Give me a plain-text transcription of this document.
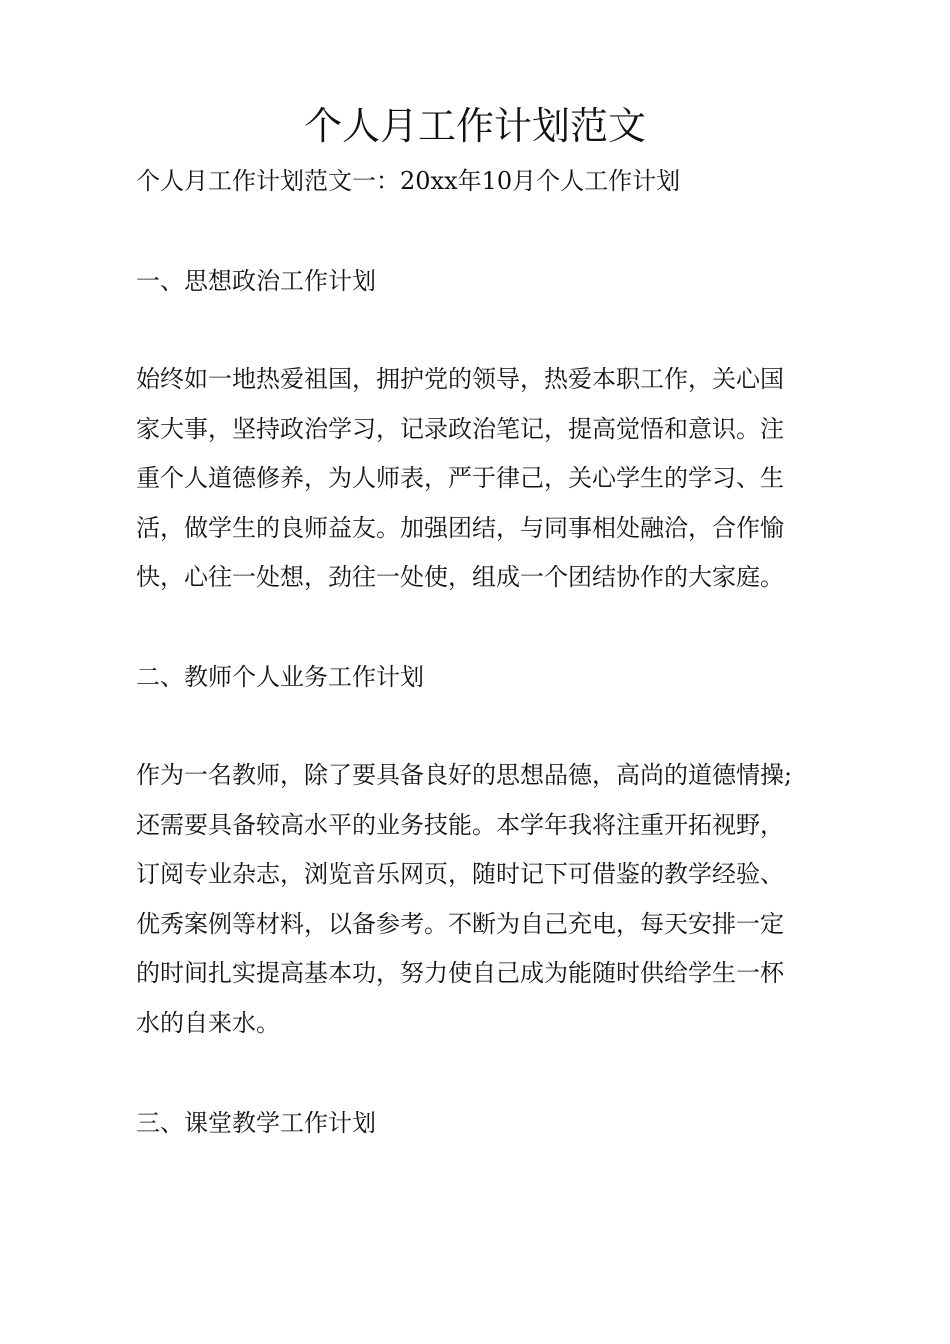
个人月工作计划范文

个人月工作计划范文一：20xx年10月个人工作计划

一、思想政治工作计划

始终如一地热爱祖国，拥护党的领导，热爱本职工作，关心国
家大事，坚持政治学习，记录政治笔记，提高觉悟和意识。注
重个人道德修养，为人师表，严于律己，关心学生的学习、生
活，做学生的良师益友。加强团结，与同事相处融洽，合作愉
快，心往一处想，劲往一处使，组成一个团结协作的大家庭。

二、教师个人业务工作计划

作为一名教师，除了要具备良好的思想品德，高尚的道德情操;
还需要具备较高水平的业务技能。本学年我将注重开拓视野，
订阅专业杂志，浏览音乐网页，随时记下可借鉴的教学经验、
优秀案例等材料，以备参考。不断为自己充电，每天安排一定
的时间扎实提高基本功，努力使自己成为能随时供给学生一杯
水的自来水。

三、课堂教学工作计划
